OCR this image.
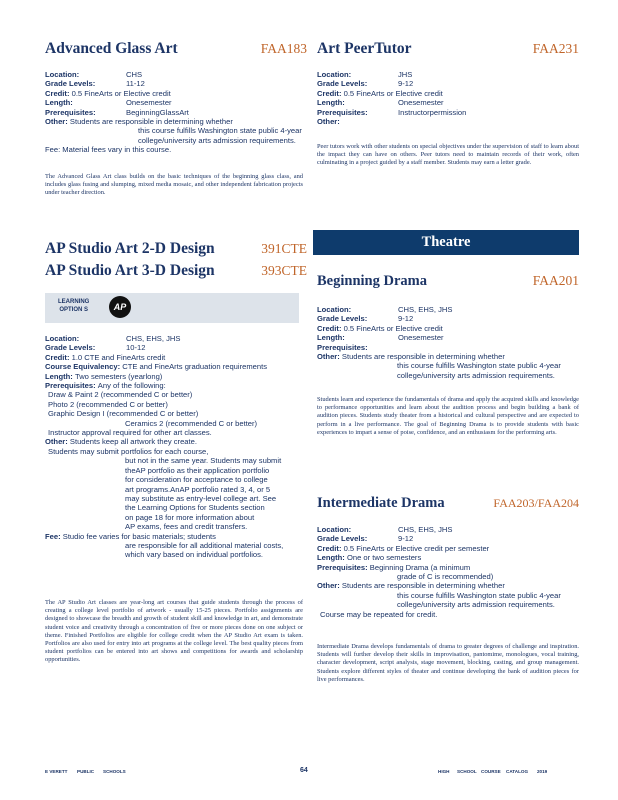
Advanced Glass Art	FAA183
Location:	CHS
Grade Levels:	11-12
Credit:
0.5 FineArts or Elective credit
Length:	Onesemester
Prerequisites:	BeginningGlassArt
Other:
Students are responsible in determining whether
this course fulfills Washington state public 4-year
college/university arts admission requirements.
Fee: Material fees vary in this course.
The Advanced Glass Art class builds on the basic techniques of the beginning glass class, and includes glass fusing and slumping, mixed media mosaic, and other independent fabrication projects under teacher direction.
AP Studio Art 2-D Design	391CTE
AP Studio Art 3-D Design	393CTE
LEARNING
OPTION S	AP
Location:	CHS, EHS, JHS
Grade Levels:	10-12
Credit:
1.0 CTE and FineArts credit
Course Equivalency:
CTE and FineArts graduation requirements
Length:
Two semesters (yearlong)
Prerequisites:
Any of the following:
Draw & Paint 2 (recommended C or better)
Photo 2 (recommended C or better)
Graphic Design I (recommended C or better)
Ceramics 2 (recommended C or better)
Instructor approval required for other art classes.
Other:
Students keep all artwork they create.
Students may submit portfolios for each course,
but not in the same year. Students may submit
theAP portfolio as their application portfolio
for consideration for acceptance to college
art programs.AnAP portfolio rated 3, 4, or 5
may substitute as entry-level college art. See
the Learning Options for Students section
on page 18 for more information about
AP exams, fees and credit transfers.
Fee:
Studio fee varies for basic materials; students
are responsible for all additional material costs,
which vary based on individual portfolios.
The AP Studio Art classes are year-long art courses that guide students through the process of creating a college level portfolio of artwork - usually 15-25 pieces. Portfolio assignments are designed to showcase the breadth and growth of student skill and knowledge in art, and demonstrate student voice and creativity through a concentration of five or more pieces done on one subject or theme. Finished Portfolios are eligible for college credit when the AP Studio Art exam is taken. Portfolios are also used for entry into art programs at the college level. The best quality pieces from student portfolios can be entered into art shows and competitions for awards and scholarship opportunities.
Art PeerTutor	FAA231
Location:	JHS
Grade Levels:	9-12
Credit:
0.5 FineArts or Elective credit
Length:	Onesemester
Prerequisites:	Instructorpermission
Other:
Peer tutors work with other students on special objectives under the supervision of staff to learn about the impact they can have on others. Peer tutors need to maintain records of their work, often culminating in a project guided by a staff member. Students may earn a letter grade.
Theatre
Beginning Drama	FAA201
Location:	CHS, EHS, JHS
Grade Levels:	9-12
Credit:
0.5 FineArts or Elective credit
Length:	Onesemester
Prerequisites:
Other:
Students are responsible in determining whether
this course fulfills Washington state public 4-year
college/university arts admission requirements.
Students learn and experience the fundamentals of drama and apply the acquired skills and knowledge to performance opportunities and learn about the audition process and begin building a bank of audition pieces. Students study theater from a historical and cultural perspective and are expected to perform in a live performance. The goal of Beginning Drama is to provide students with basic experiences to impart a sense of poise, confidence, and an enthusiasm for the performing arts.
Intermediate Drama	FAA203/FAA204
Location:	CHS, EHS, JHS
Grade Levels:	9-12
Credit:
0.5 FineArts or Elective credit per semester
Length:
One or two semesters
Prerequisites:
Beginning Drama (a minimum
grade of C is recommended)
Other:
Students are responsible in determining whether
this course fulfills Washington state public 4-year
college/university arts admission requirements.
Course may be repeated for credit.
Intermediate Drama develops fundamentals of drama to greater degrees of challenge and inspiration. Students will further develop their skills in improvisation, pantomime, monologues, vocal training, character development, script analysis, stage movement, blocking, casting, and group management. Students explore different styles of theater and continue developing the bank of audition pieces for live performances.
E VERETT PUBLIC SCHOOLS	64	HIGH SCHOOL COURSE CATALOG 2019
